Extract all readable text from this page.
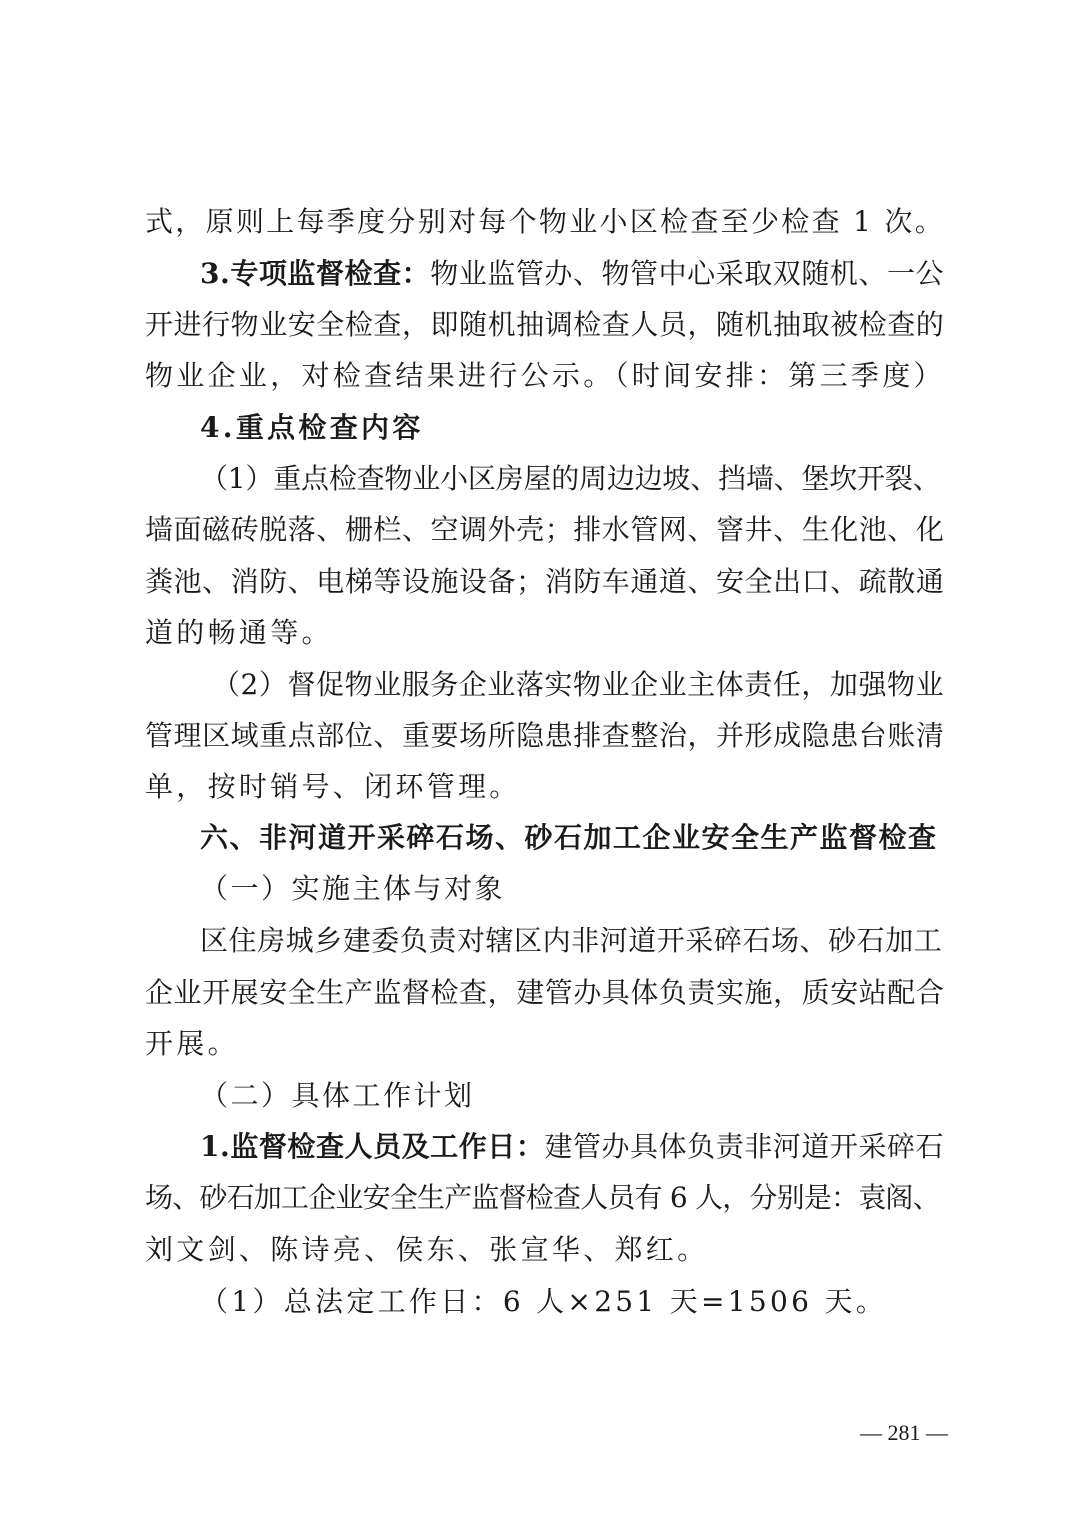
式，原则上每季度分别对每个物业小区检查至少检查 1 次。
3.专项监督检查：物业监管办、物管中心采取双随机、一公
开进行物业安全检查，即随机抽调检查人员，随机抽取被检查的
物业企业，对检查结果进行公示。（时间安排：第三季度）
4.重点检查内容
（1）重点检查物业小区房屋的周边边坡、挡墙、堡坎开裂、
墙面磁砖脱落、栅栏、空调外壳；排水管网、窨井、生化池、化
粪池、消防、电梯等设施设备；消防车通道、安全出口、疏散通
道的畅通等。
（2）督促物业服务企业落实物业企业主体责任，加强物业
管理区域重点部位、重要场所隐患排查整治，并形成隐患台账清
单，按时销号、闭环管理。
六、非河道开采碎石场、砂石加工企业安全生产监督检查
（一）实施主体与对象
区住房城乡建委负责对辖区内非河道开采碎石场、砂石加工
企业开展安全生产监督检查，建管办具体负责实施，质安站配合
开展。
（二）具体工作计划
1.监督检查人员及工作日：建管办具体负责非河道开采碎石
场、砂石加工企业安全生产监督检查人员有 6 人，分别是：袁阁、
刘文剑、陈诗亮、侯东、张宣华、郑红。
（1）总法定工作日：6 人×251 天=1506 天。
— 281 —
